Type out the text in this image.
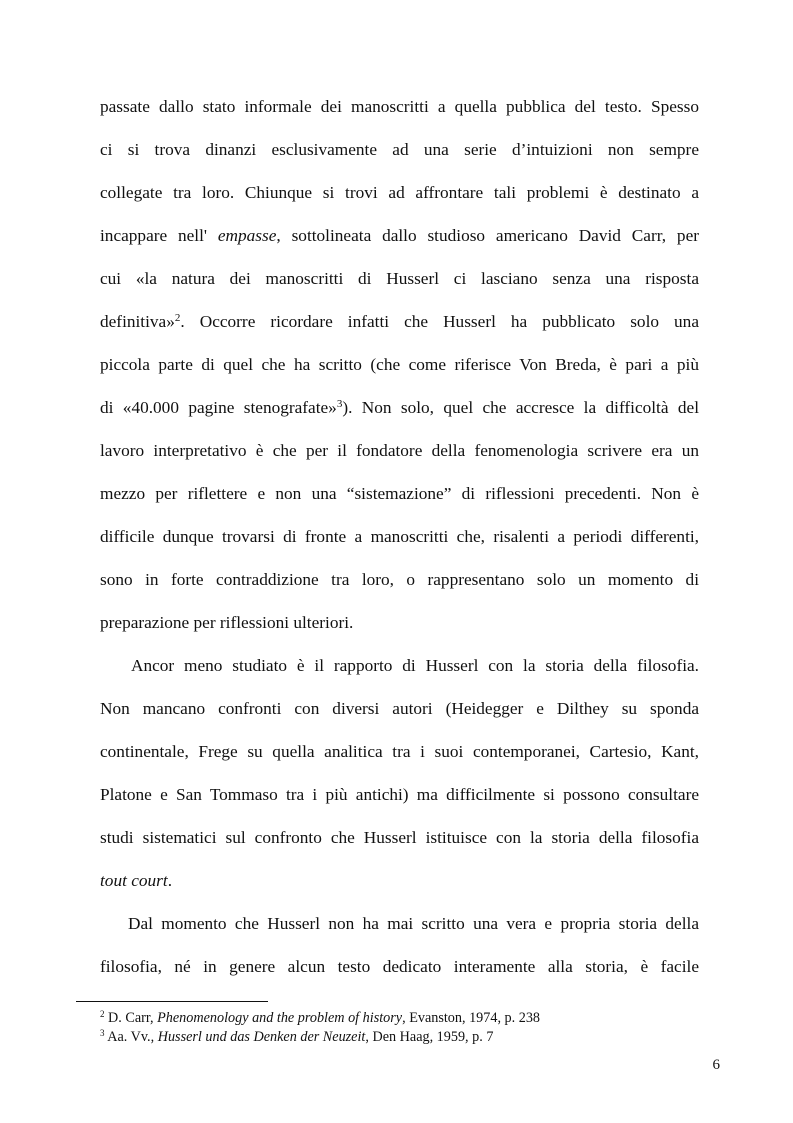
passate dallo stato informale dei manoscritti a quella pubblica del testo. Spesso
ci si trova dinanzi esclusivamente ad una serie d’intuizioni non sempre
collegate tra loro. Chiunque si trovi ad affrontare tali problemi è destinato a
incappare nell' empasse, sottolineata dallo studioso americano David Carr, per
cui «la natura dei manoscritti di Husserl ci lasciano senza una risposta
definitiva»$^2$. Occorre ricordare infatti che Husserl ha pubblicato solo una
piccola parte di quel che ha scritto (che come riferisce Von Breda, è pari a più
di «40.000 pagine stenografate»$^3$). Non solo, quel che accresce la difficoltà del
lavoro interpretativo è che per il fondatore della fenomenologia scrivere era un
mezzo per riflettere e non una “sistemazione” di riflessioni precedenti. Non è
difficile dunque trovarsi di fronte a manoscritti che, risalenti a periodi differenti,
sono in forte contraddizione tra loro, o rappresentano solo un momento di
preparazione per riflessioni ulteriori.
Ancor meno studiato è il rapporto di Husserl con la storia della filosofia.
Non mancano confronti con diversi autori (Heidegger e Dilthey su sponda
continentale, Frege su quella analitica tra i suoi contemporanei, Cartesio, Kant,
Platone e San Tommaso tra i più antichi) ma difficilmente si possono consultare
studi sistematici sul confronto che Husserl istituisce con la storia della filosofia
tout court.
Dal momento che Husserl non ha mai scritto una vera e propria storia della
filosofia, né in genere alcun testo dedicato interamente alla storia, è facile
$^2$ D. Carr, Phenomenology and the problem of history, Evanston, 1974, p. 238
$^3$ Aa. Vv., Husserl und das Denken der Neuzeit, Den Haag, 1959, p. 7
6
